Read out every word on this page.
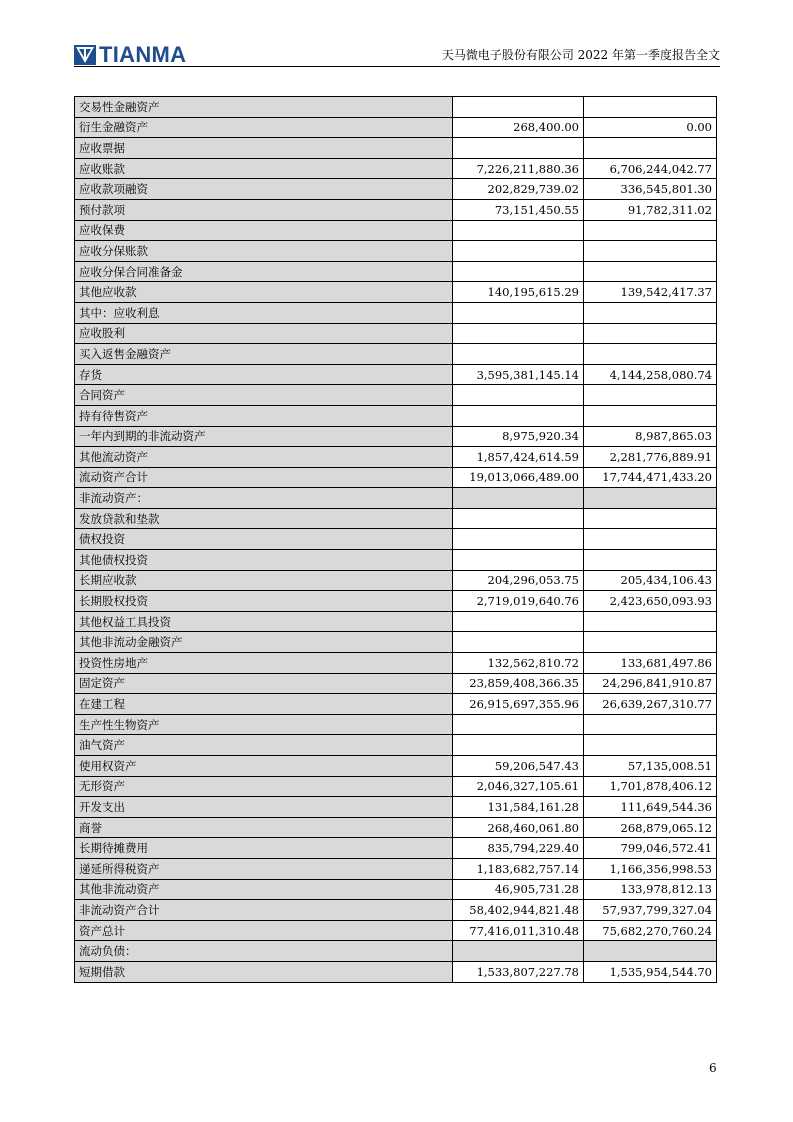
TIANMA	天马微电子股份有限公司 2022 年第一季度报告全文
交易性金融资产		
衍生金融资产	268,400.00	0.00
应收票据		
应收账款	7,226,211,880.36	6,706,244,042.77
应收款项融资	202,829,739.02	336,545,801.30
预付款项	73,151,450.55	91,782,311.02
应收保费		
应收分保账款		
应收分保合同准备金		
其他应收款	140,195,615.29	139,542,417.37
其中：应收利息		
应收股利		
买入返售金融资产		
存货	3,595,381,145.14	4,144,258,080.74
合同资产		
持有待售资产		
一年内到期的非流动资产	8,975,920.34	8,987,865.03
其他流动资产	1,857,424,614.59	2,281,776,889.91
流动资产合计	19,013,066,489.00	17,744,471,433.20
非流动资产：		
发放贷款和垫款		
债权投资		
其他债权投资		
长期应收款	204,296,053.75	205,434,106.43
长期股权投资	2,719,019,640.76	2,423,650,093.93
其他权益工具投资		
其他非流动金融资产		
投资性房地产	132,562,810.72	133,681,497.86
固定资产	23,859,408,366.35	24,296,841,910.87
在建工程	26,915,697,355.96	26,639,267,310.77
生产性生物资产		
油气资产		
使用权资产	59,206,547.43	57,135,008.51
无形资产	2,046,327,105.61	1,701,878,406.12
开发支出	131,584,161.28	111,649,544.36
商誉	268,460,061.80	268,879,065.12
长期待摊费用	835,794,229.40	799,046,572.41
递延所得税资产	1,183,682,757.14	1,166,356,998.53
其他非流动资产	46,905,731.28	133,978,812.13
非流动资产合计	58,402,944,821.48	57,937,799,327.04
资产总计	77,416,011,310.48	75,682,270,760.24
流动负债：		
短期借款	1,533,807,227.78	1,535,954,544.70
6
